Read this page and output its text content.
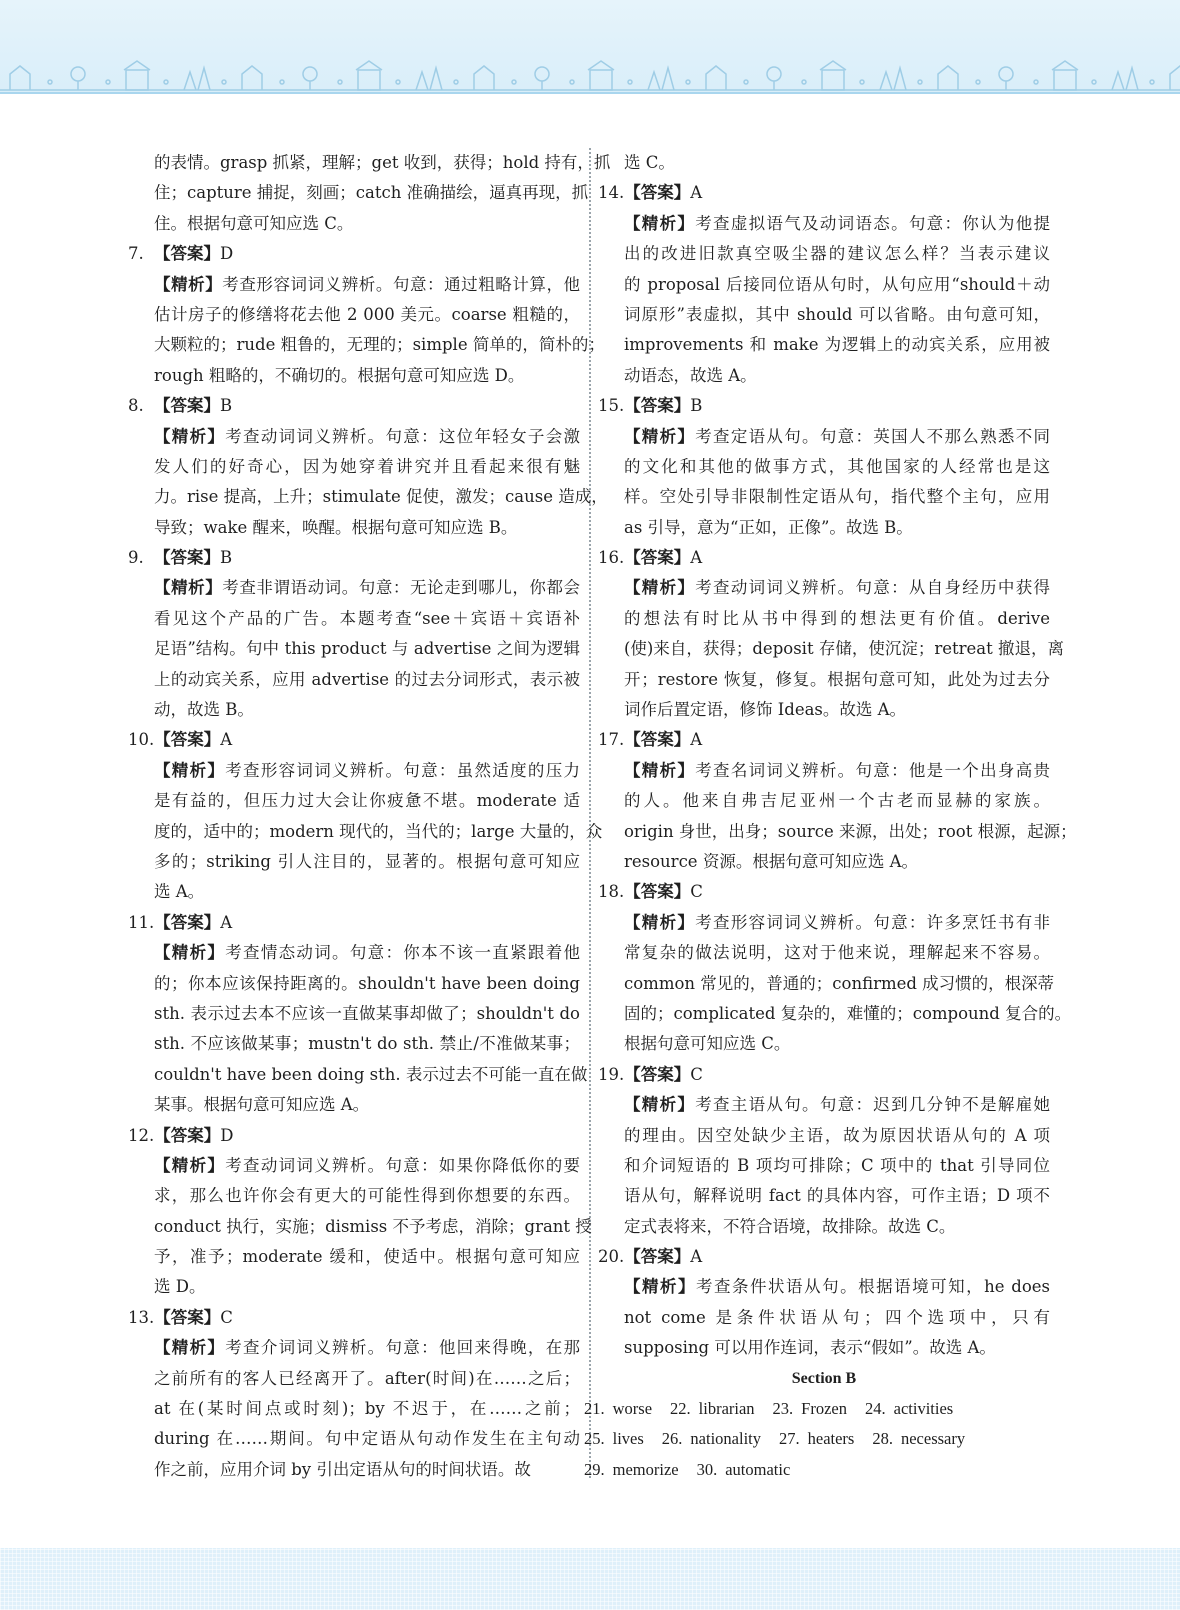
的表情。grasp 抓紧，理解；get 收到，获得；hold 持有，抓
住；capture 捕捉，刻画；catch 准确描绘，逼真再现，抓
住。根据句意可知应选 C。
7. 【答案】D
【精析】考查形容词词义辨析。句意：通过粗略计算，他
估计房子的修缮将花去他 2 000 美元。coarse 粗糙的，
大颗粒的；rude 粗鲁的，无理的；simple 简单的，简朴的；
rough 粗略的，不确切的。根据句意可知应选 D。
8. 【答案】B
【精析】考查动词词义辨析。句意：这位年轻女子会激
发人们的好奇心，因为她穿着讲究并且看起来很有魅
力。rise 提高，上升；stimulate 促使，激发；cause 造成，
导致；wake 醒来，唤醒。根据句意可知应选 B。
9. 【答案】B
【精析】考查非谓语动词。句意：无论走到哪儿，你都会
看见这个产品的广告。本题考查“see＋宾语＋宾语补
足语”结构。句中 this product 与 advertise 之间为逻辑
上的动宾关系，应用 advertise 的过去分词形式，表示被
动，故选 B。
10.【答案】A
【精析】考查形容词词义辨析。句意：虽然适度的压力
是有益的，但压力过大会让你疲惫不堪。moderate 适
度的，适中的；modern 现代的，当代的；large 大量的，众
多的；striking 引人注目的，显著的。根据句意可知应
选 A。
11.【答案】A
【精析】考查情态动词。句意：你本不该一直紧跟着他
的；你本应该保持距离的。shouldn't have been doing
sth. 表示过去本不应该一直做某事却做了；shouldn't do
sth. 不应该做某事；mustn't do sth. 禁止/不准做某事；
couldn't have been doing sth. 表示过去不可能一直在做
某事。根据句意可知应选 A。
12.【答案】D
【精析】考查动词词义辨析。句意：如果你降低你的要
求，那么也许你会有更大的可能性得到你想要的东西。
conduct 执行，实施；dismiss 不予考虑，消除；grant 授
予，准予；moderate 缓和，使适中。根据句意可知应
选 D。
13.【答案】C
【精析】考查介词词义辨析。句意：他回来得晚，在那
之前所有的客人已经离开了。after(时间)在……之后；
at 在(某时间点或时刻)；by 不迟于，在……之前；
during 在……期间。句中定语从句动作发生在主句动
作之前，应用介词 by 引出定语从句的时间状语。故
选 C。
14.【答案】A
【精析】考查虚拟语气及动词语态。句意：你认为他提
出的改进旧款真空吸尘器的建议怎么样？当表示建议
的 proposal 后接同位语从句时，从句应用“should＋动
词原形”表虚拟，其中 should 可以省略。由句意可知，
improvements 和 make 为逻辑上的动宾关系，应用被
动语态，故选 A。
15.【答案】B
【精析】考查定语从句。句意：英国人不那么熟悉不同
的文化和其他的做事方式，其他国家的人经常也是这
样。空处引导非限制性定语从句，指代整个主句，应用
as 引导，意为“正如，正像”。故选 B。
16.【答案】A
【精析】考查动词词义辨析。句意：从自身经历中获得
的想法有时比从书中得到的想法更有价值。derive
(使)来自，获得；deposit 存储，使沉淀；retreat 撤退，离
开；restore 恢复，修复。根据句意可知，此处为过去分
词作后置定语，修饰 Ideas。故选 A。
17.【答案】A
【精析】考查名词词义辨析。句意：他是一个出身高贵
的人。他来自弗吉尼亚州一个古老而显赫的家族。
origin 身世，出身；source 来源，出处；root 根源，起源；
resource 资源。根据句意可知应选 A。
18.【答案】C
【精析】考查形容词词义辨析。句意：许多烹饪书有非
常复杂的做法说明，这对于他来说，理解起来不容易。
common 常见的，普通的；confirmed 成习惯的，根深蒂
固的；complicated 复杂的，难懂的；compound 复合的。
根据句意可知应选 C。
19.【答案】C
【精析】考查主语从句。句意：迟到几分钟不是解雇她
的理由。因空处缺少主语，故为原因状语从句的 A 项
和介词短语的 B 项均可排除；C 项中的 that 引导同位
语从句，解释说明 fact 的具体内容，可作主语；D 项不
定式表将来，不符合语境，故排除。故选 C。
20.【答案】A
【精析】考查条件状语从句。根据语境可知，he does
not come 是条件状语从句；四个选项中，只有
supposing 可以用作连词，表示“假如”。故选 A。
Section B
21. worse 22. librarian 23. Frozen 24. activities
25. lives 26. nationality 27. heaters 28. necessary
29. memorize 30. automatic
